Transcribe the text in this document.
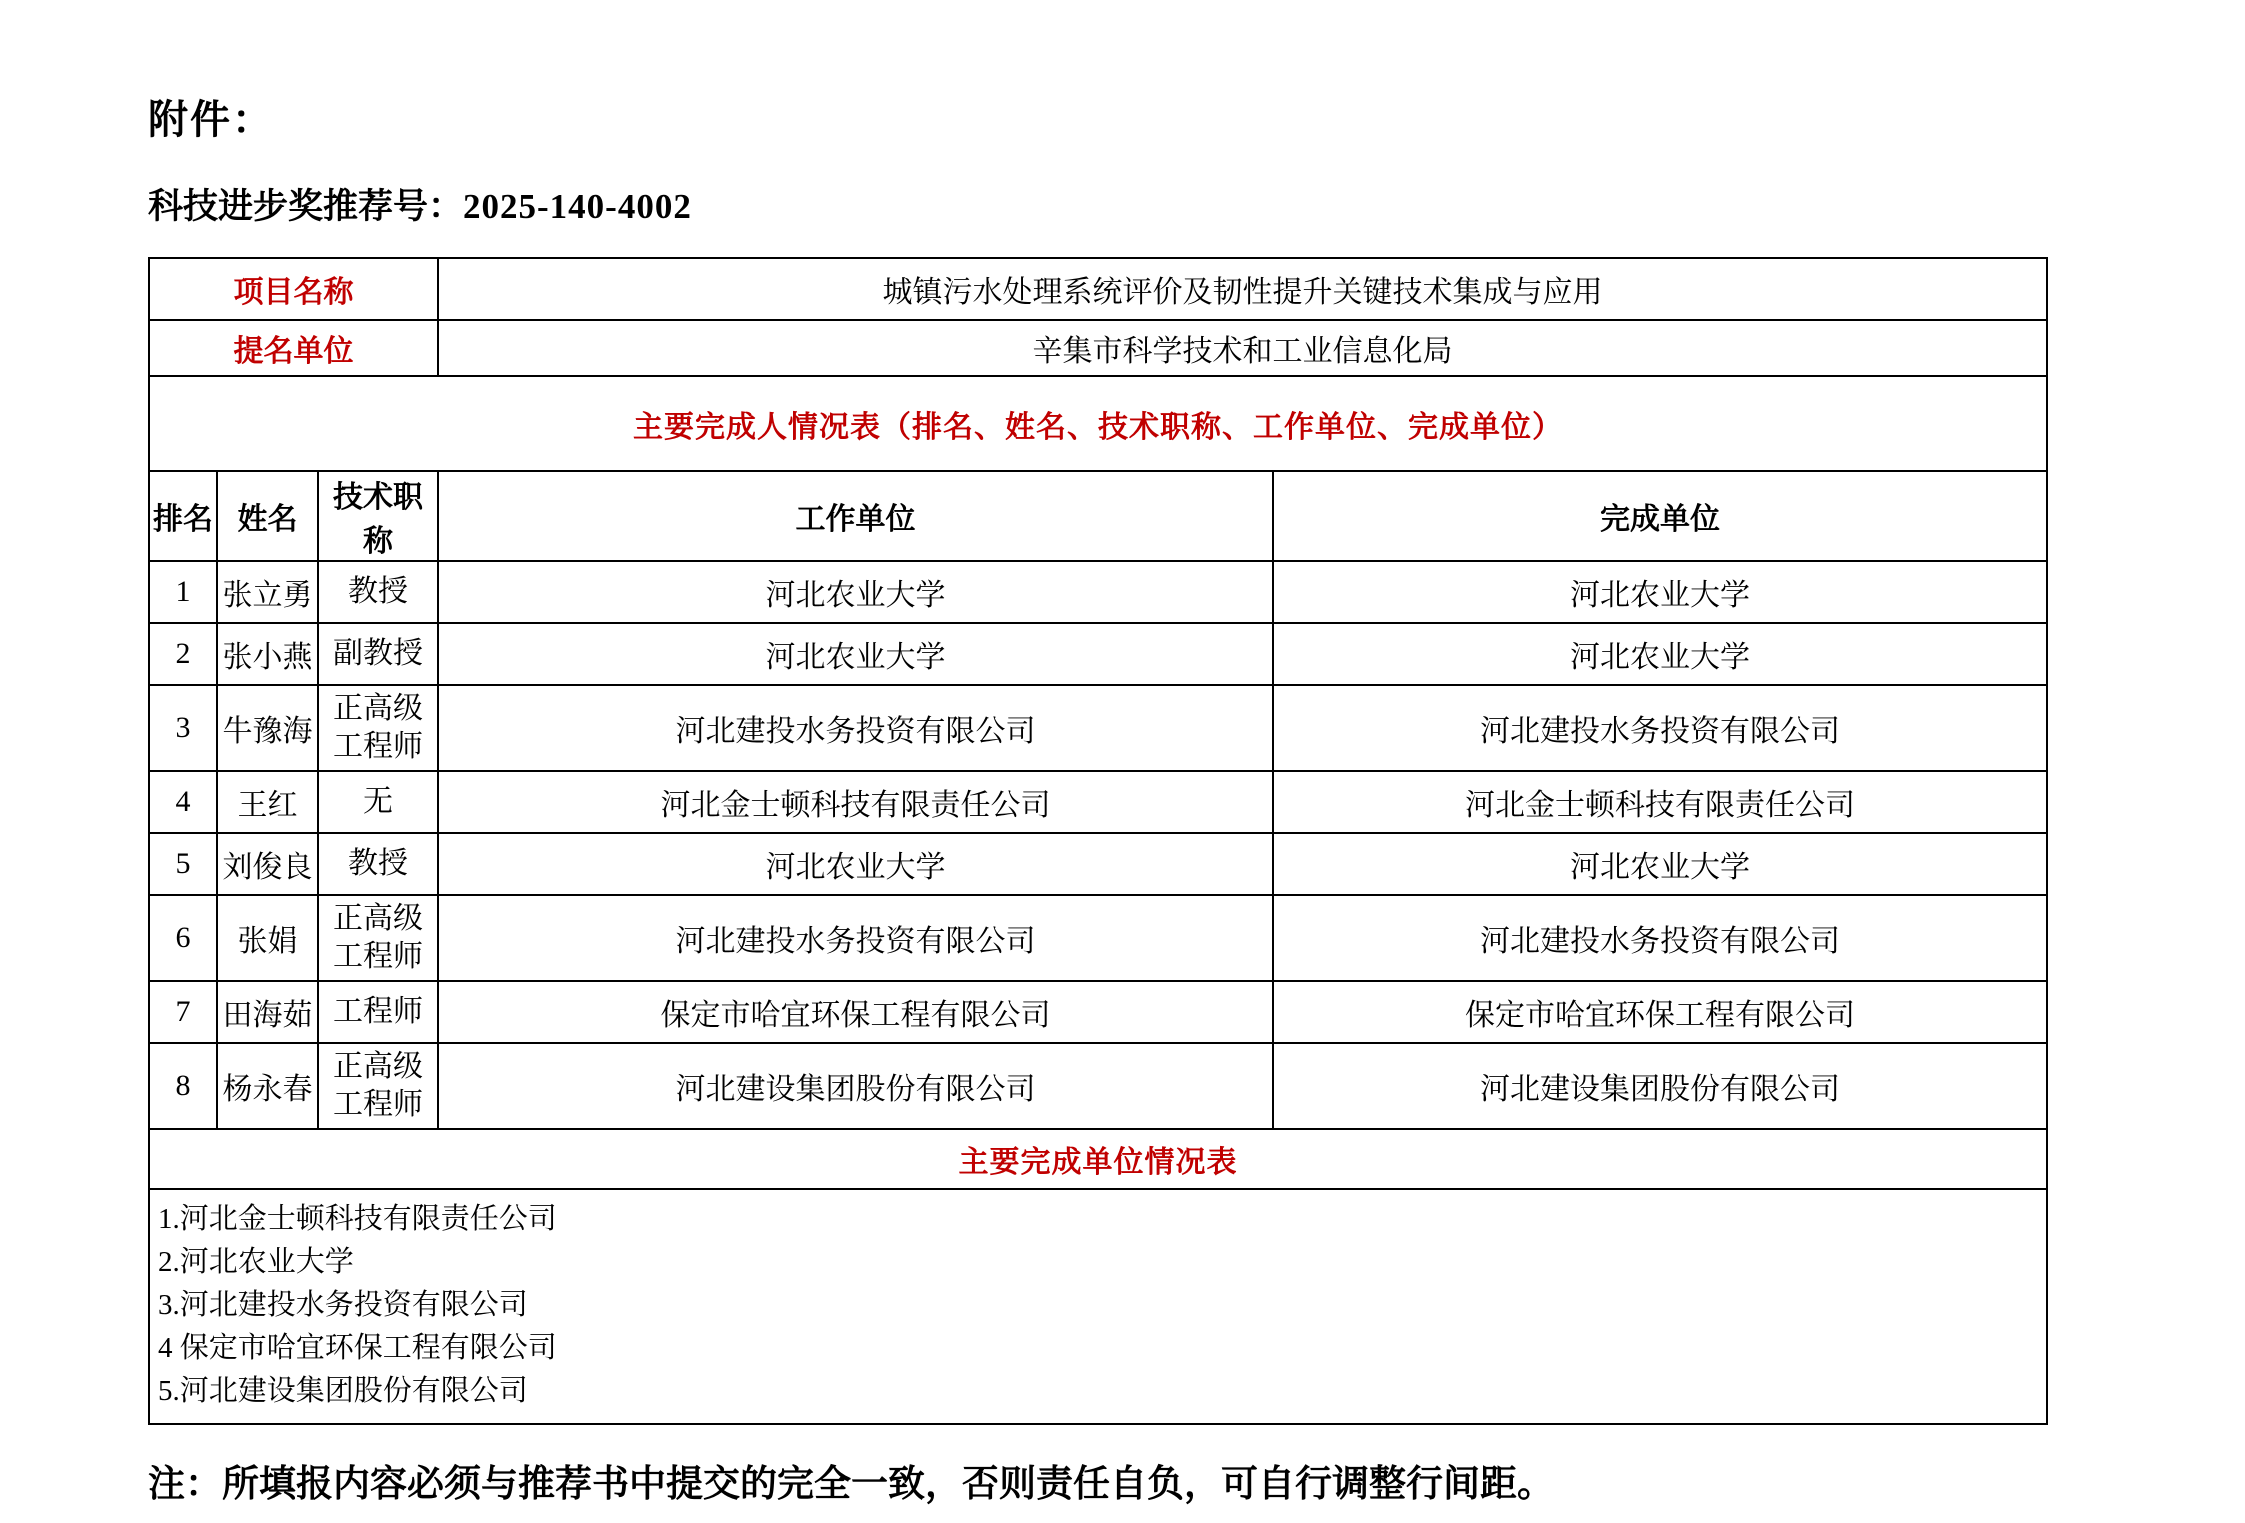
附件：
科技进步奖推荐号：2025-140-4002
项目名称			城镇污水处理系统评价及韧性提升关键技术集成与应用	
提名单位			辛集市科学技术和工业信息化局	
主要完成人情况表（排名、姓名、技术职称、工作单位、完成单位）				
排名	姓名	技术职称	工作单位	完成单位
1	张立勇	教授	河北农业大学	河北农业大学
2	张小燕	副教授	河北农业大学	河北农业大学
3	牛豫海	正高级工程师	河北建投水务投资有限公司	河北建投水务投资有限公司
4	王红	无	河北金士顿科技有限责任公司	河北金士顿科技有限责任公司
5	刘俊良	教授	河北农业大学	河北农业大学
6	张娟	正高级工程师	河北建投水务投资有限公司	河北建投水务投资有限公司
7	田海茹	工程师	保定市哈宜环保工程有限公司	保定市哈宜环保工程有限公司
8	杨永春	正高级工程师	河北建设集团股份有限公司	河北建设集团股份有限公司
主要完成单位情况表				

1.河北金士顿科技有限责任公司
2.河北农业大学
3.河北建投水务投资有限公司
4 保定市哈宜环保工程有限公司
5.河北建设集团股份有限公司				
注：所填报内容必须与推荐书中提交的完全一致，否则责任自负，可自行调整行间距。
